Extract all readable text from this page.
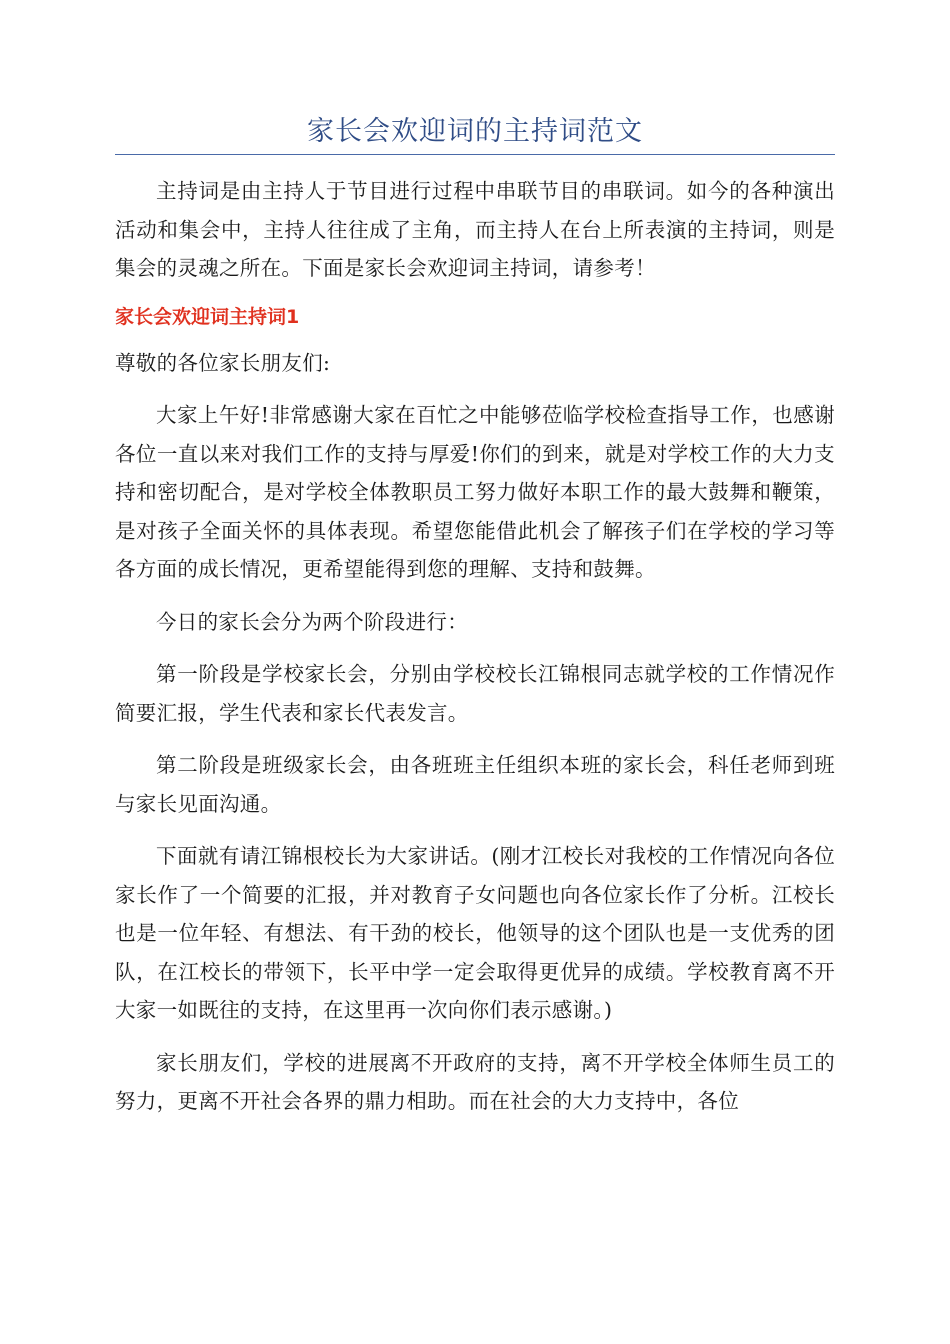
家长会欢迎词的主持词范文

主持词是由主持人于节目进行过程中串联节目的串联词。如今的各种演出活动和集会中，主持人往往成了主角，而主持人在台上所表演的主持词，则是集会的灵魂之所在。下面是家长会欢迎词主持词，请参考！

家长会欢迎词主持词1

尊敬的各位家长朋友们:

大家上午好!非常感谢大家在百忙之中能够莅临学校检查指导工作，也感谢各位一直以来对我们工作的支持与厚爱!你们的到来，就是对学校工作的大力支持和密切配合，是对学校全体教职员工努力做好本职工作的最大鼓舞和鞭策，是对孩子全面关怀的具体表现。希望您能借此机会了解孩子们在学校的学习等各方面的成长情况，更希望能得到您的理解、支持和鼓舞。

今日的家长会分为两个阶段进行：

第一阶段是学校家长会，分别由学校校长江锦根同志就学校的工作情况作简要汇报，学生代表和家长代表发言。

第二阶段是班级家长会，由各班班主任组织本班的家长会，科任老师到班与家长见面沟通。

下面就有请江锦根校长为大家讲话。(刚才江校长对我校的工作情况向各位家长作了一个简要的汇报，并对教育子女问题也向各位家长作了分析。江校长也是一位年轻、有想法、有干劲的校长，他领导的这个团队也是一支优秀的团队，在江校长的带领下，长平中学一定会取得更优异的成绩。学校教育离不开大家一如既往的支持，在这里再一次向你们表示感谢。)

家长朋友们，学校的进展离不开政府的支持，离不开学校全体师生员工的努力，更离不开社会各界的鼎力相助。而在社会的大力支持中，各位
